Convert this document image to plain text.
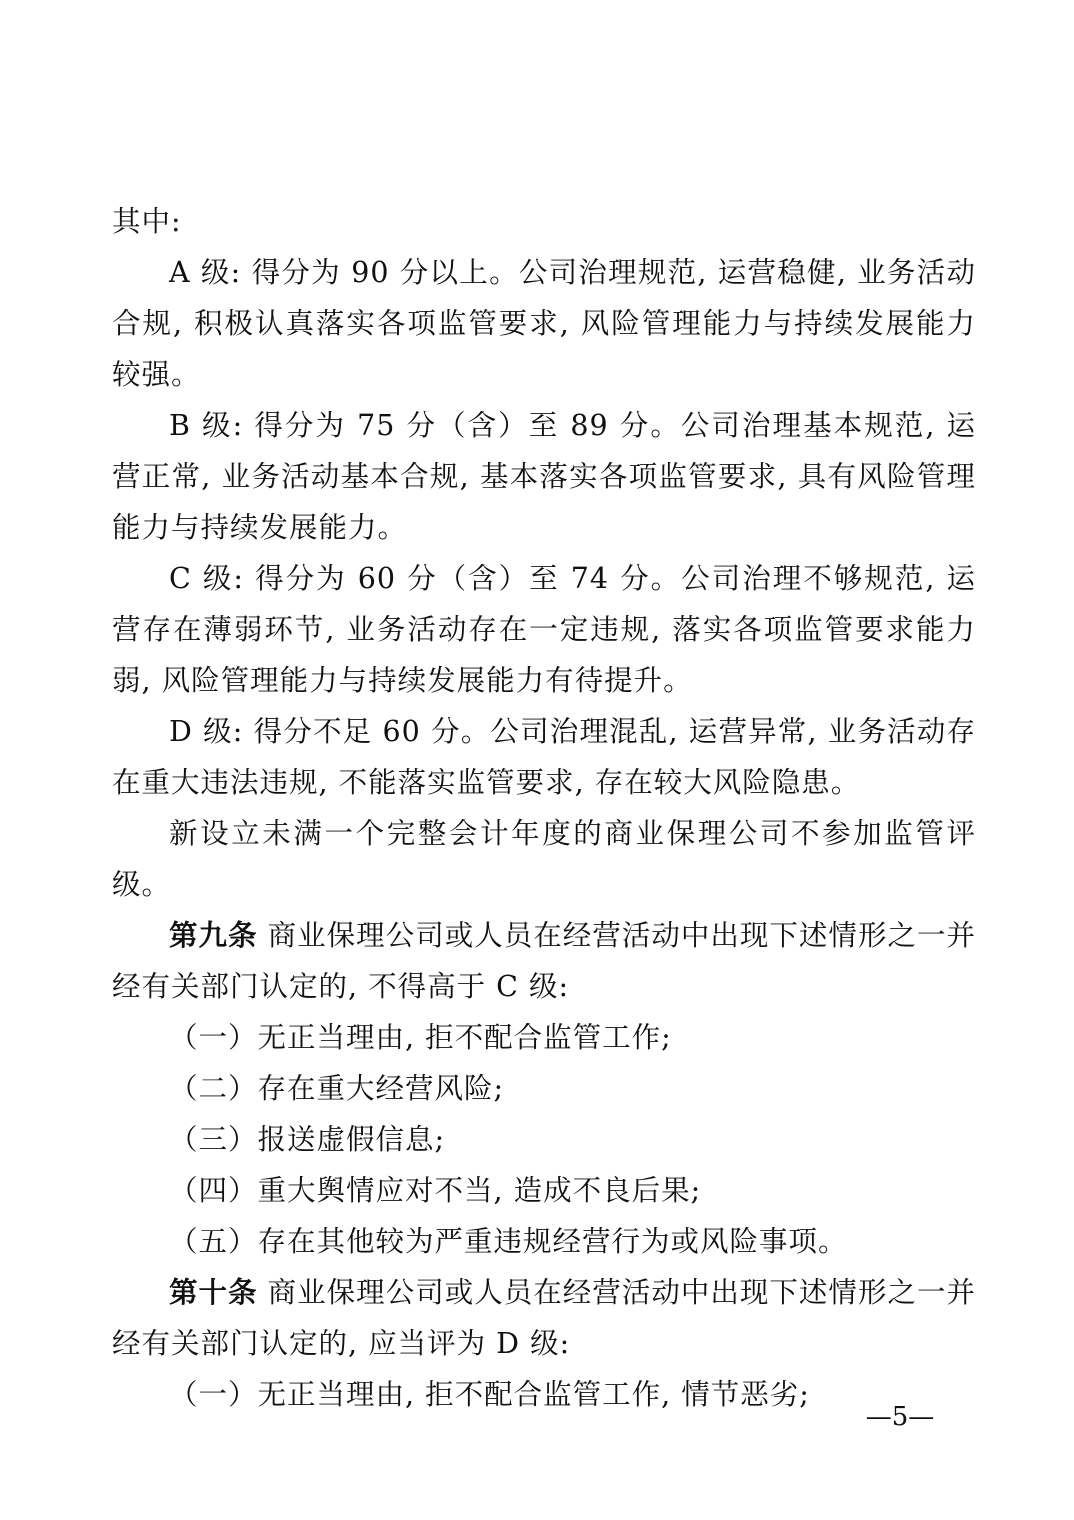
其中:

A 级: 得分为 90 分以上。公司治理规范, 运营稳健, 业务活动合规, 积极认真落实各项监管要求, 风险管理能力与持续发展能力较强。

B 级: 得分为 75 分（含）至 89 分。公司治理基本规范, 运营正常, 业务活动基本合规, 基本落实各项监管要求, 具有风险管理能力与持续发展能力。

C 级: 得分为 60 分（含）至 74 分。公司治理不够规范, 运营存在薄弱环节, 业务活动存在一定违规, 落实各项监管要求能力弱, 风险管理能力与持续发展能力有待提升。

D 级: 得分不足 60 分。公司治理混乱, 运营异常, 业务活动存在重大违法违规, 不能落实监管要求, 存在较大风险隐患。

新设立未满一个完整会计年度的商业保理公司不参加监管评级。

第九条 商业保理公司或人员在经营活动中出现下述情形之一并经有关部门认定的, 不得高于 C 级:

（一）无正当理由, 拒不配合监管工作;

（二）存在重大经营风险;

（三）报送虚假信息;

（四）重大舆情应对不当, 造成不良后果;

（五）存在其他较为严重违规经营行为或风险事项。

第十条 商业保理公司或人员在经营活动中出现下述情形之一并经有关部门认定的, 应当评为 D 级:

（一）无正当理由, 拒不配合监管工作, 情节恶劣;

—5—
